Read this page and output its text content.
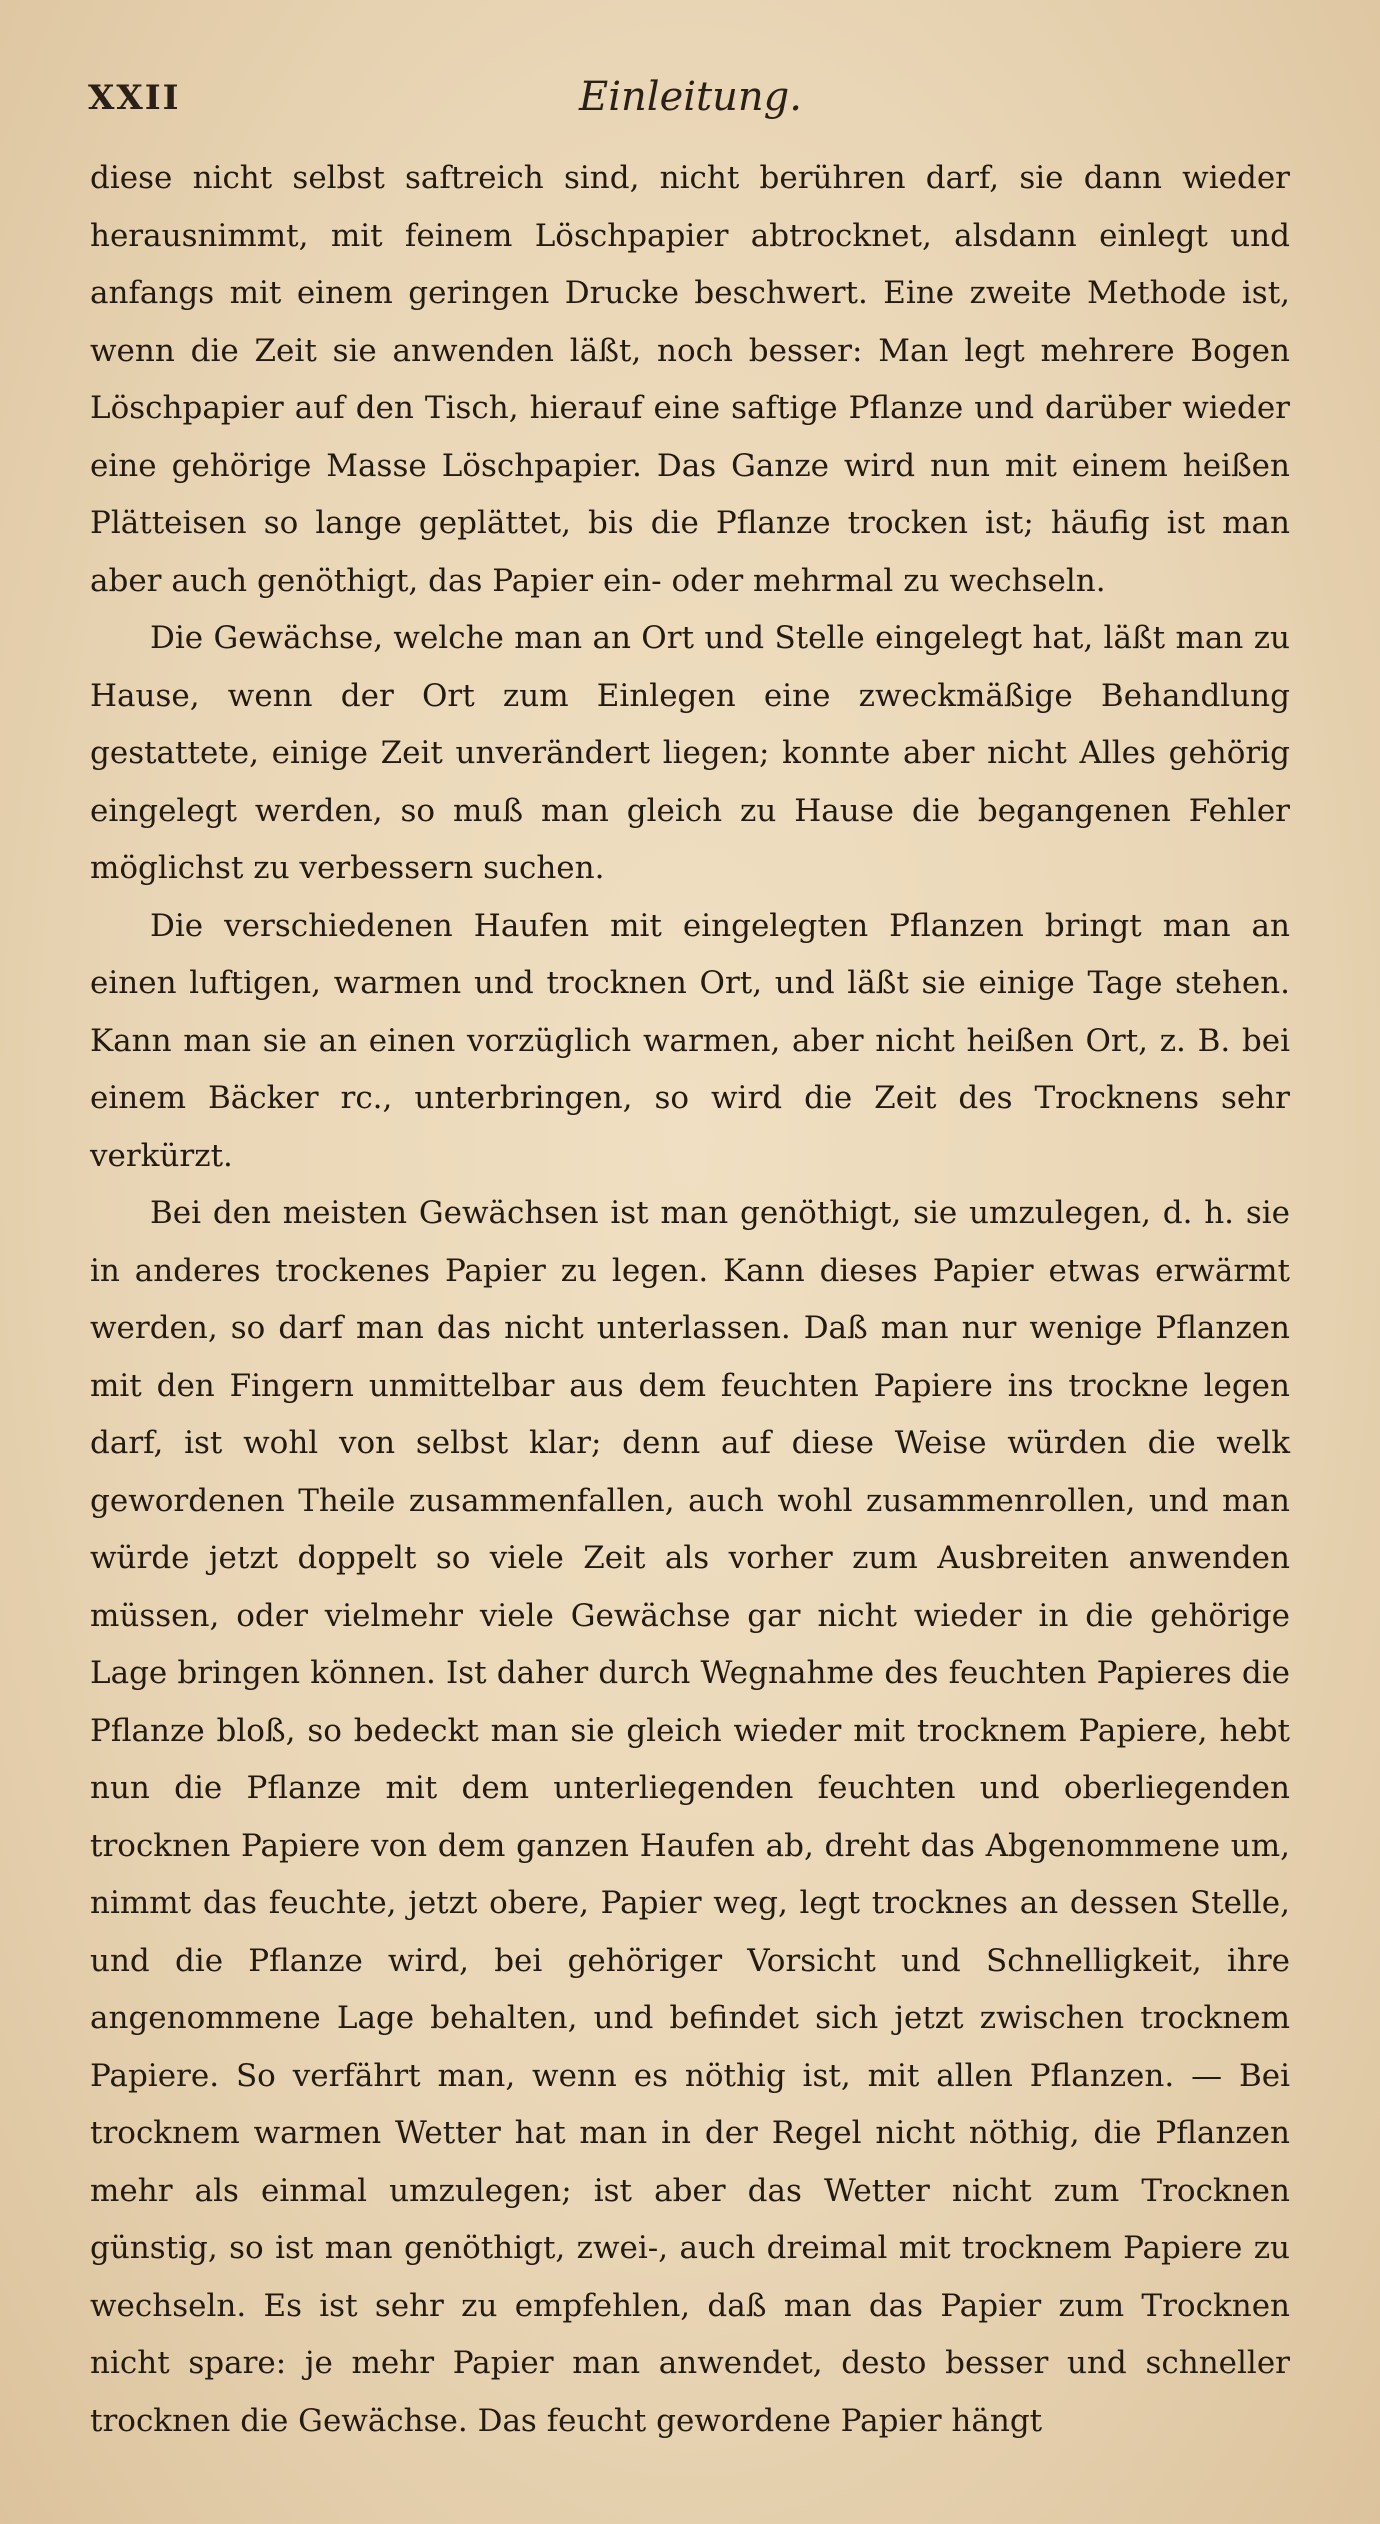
XXII	Einleitung.

diese nicht selbst saftreich sind, nicht berühren darf, sie dann wieder herausnimmt, mit feinem Löschpapier abtrocknet, alsdann einlegt und anfangs mit einem geringen Drucke beschwert. Eine zweite Methode ist, wenn die Zeit sie anwenden läßt, noch besser: Man legt mehrere Bogen Löschpapier auf den Tisch, hierauf eine saftige Pflanze und darüber wieder eine gehörige Masse Löschpapier. Das Ganze wird nun mit einem heißen Plätteisen so lange geplättet, bis die Pflanze trocken ist; häufig ist man aber auch genöthigt, das Papier ein- oder mehrmal zu wechseln.

Die Gewächse, welche man an Ort und Stelle eingelegt hat, läßt man zu Hause, wenn der Ort zum Einlegen eine zweckmäßige Behandlung gestattete, einige Zeit unverändert liegen; konnte aber nicht Alles gehörig eingelegt werden, so muß man gleich zu Hause die begangenen Fehler möglichst zu verbessern suchen.

Die verschiedenen Haufen mit eingelegten Pflanzen bringt man an einen luftigen, warmen und trocknen Ort, und läßt sie einige Tage stehen. Kann man sie an einen vorzüglich warmen, aber nicht heißen Ort, z. B. bei einem Bäcker rc., unterbringen, so wird die Zeit des Trocknens sehr verkürzt.

Bei den meisten Gewächsen ist man genöthigt, sie umzulegen, d. h. sie in anderes trockenes Papier zu legen. Kann dieses Papier etwas erwärmt werden, so darf man das nicht unterlassen. Daß man nur wenige Pflanzen mit den Fingern unmittelbar aus dem feuchten Papiere ins trockne legen darf, ist wohl von selbst klar; denn auf diese Weise würden die welk gewordenen Theile zusammenfallen, auch wohl zusammenrollen, und man würde jetzt doppelt so viele Zeit als vorher zum Ausbreiten anwenden müssen, oder vielmehr viele Gewächse gar nicht wieder in die gehörige Lage bringen können. Ist daher durch Wegnahme des feuchten Papieres die Pflanze bloß, so bedeckt man sie gleich wieder mit trocknem Papiere, hebt nun die Pflanze mit dem unterliegenden feuchten und oberliegenden trocknen Papiere von dem ganzen Haufen ab, dreht das Abgenommene um, nimmt das feuchte, jetzt obere, Papier weg, legt trocknes an dessen Stelle, und die Pflanze wird, bei gehöriger Vorsicht und Schnelligkeit, ihre angenommene Lage behalten, und befindet sich jetzt zwischen trocknem Papiere. So verfährt man, wenn es nöthig ist, mit allen Pflanzen. — Bei trocknem warmen Wetter hat man in der Regel nicht nöthig, die Pflanzen mehr als einmal umzulegen; ist aber das Wetter nicht zum Trocknen günstig, so ist man genöthigt, zwei-, auch dreimal mit trocknem Papiere zu wechseln. Es ist sehr zu empfehlen, daß man das Papier zum Trocknen nicht spare: je mehr Papier man anwendet, desto besser und schneller trocknen die Gewächse. Das feucht gewordene Papier hängt
